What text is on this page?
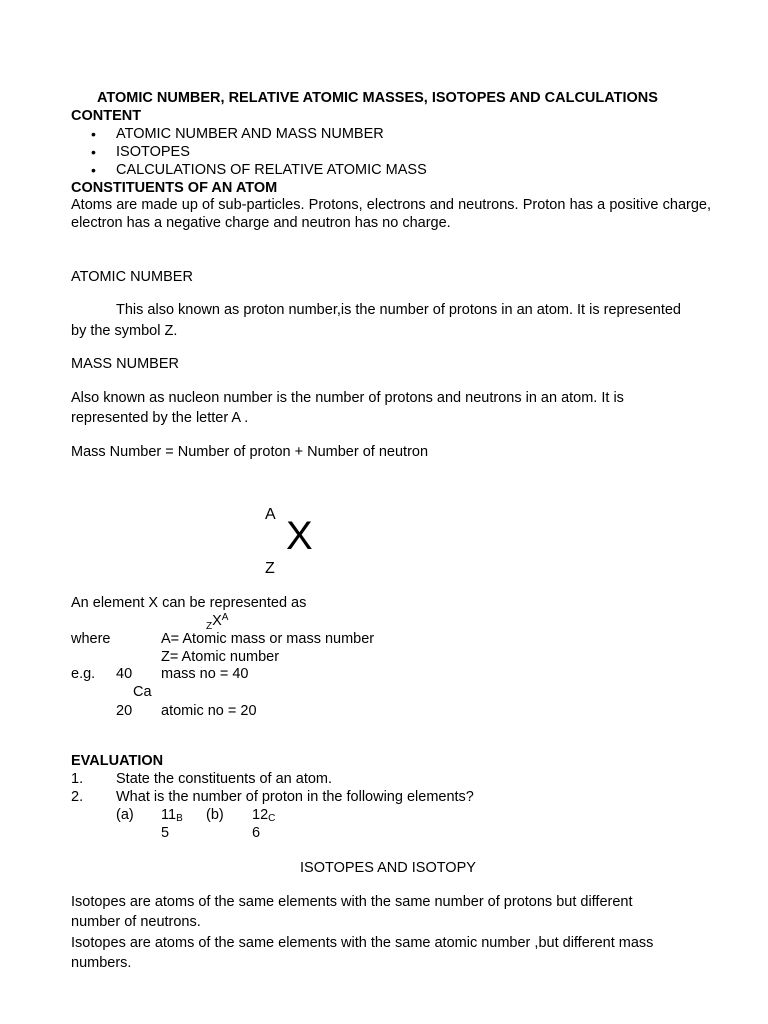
ATOMIC NUMBER, RELATIVE ATOMIC MASSES, ISOTOPES AND CALCULATIONS
CONTENT
• ATOMIC NUMBER AND MASS NUMBER
• ISOTOPES
• CALCULATIONS OF RELATIVE ATOMIC MASS
CONSTITUENTS OF AN ATOM
Atoms are made up of sub-particles. Protons, electrons and neutrons. Proton has a positive charge, electron has a negative charge and neutron has no charge.
ATOMIC NUMBER
This also known as proton number,is the number of protons in an atom. It is represented
by the symbol Z.
MASS NUMBER
Also known as nucleon number is the number of protons and neutrons in an atom. It is
represented by the letter A .
Mass Number = Number of proton + Number of neutron
A X
Z
An element X can be represented as
$_ZX^A$
where	A= Atomic mass or mass number
Z= Atomic number
e.g. 40 mass no = 40
Ca
20 atomic no = 20
EVALUATION
1. State the constituents of an atom.
2. What is the number of proton in the following elements?
(a) 11B (b) 12C
5	6
ISOTOPES AND ISOTOPY
Isotopes are atoms of the same elements with the same number of protons but different
number of neutrons.
Isotopes are atoms of the same elements with the same atomic number ,but different mass
numbers.
